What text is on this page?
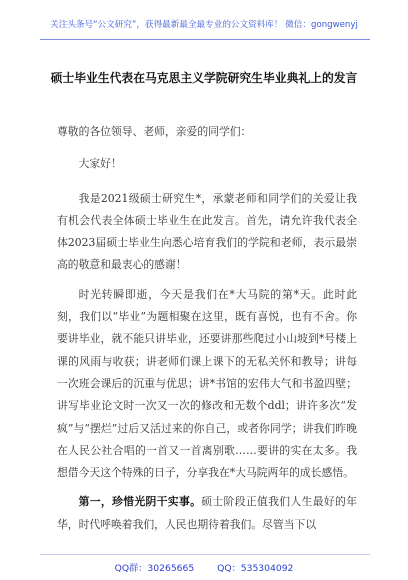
关注头条号“公文研究”，获得最新最全最专业的公文资料库！ 微信：gongwenyj
硕士毕业生代表在马克思主义学院研究生毕业典礼上的发言

尊敬的各位领导、老师，亲爱的同学们：

大家好！

我是2021级硕士研究生*，承蒙老师和同学们的关爱让我有机会代表全体硕士毕业生在此发言。首先，请允许我代表全体2023届硕士毕业生向悉心培育我们的学院和老师，表示最崇高的敬意和最衷心的感谢！

时光转瞬即逝，今天是我们在*大马院的第*天。此时此刻，我们以“毕业”为题相聚在这里，既有喜悦，也有不舍。你要讲毕业，就不能只讲毕业，还要讲那些爬过小山坡到*号楼上课的风雨与收获；讲老师们课上课下的无私关怀和教导；讲每一次班会课后的沉重与优思；讲*书馆的宏伟大气和书盈四壁；讲写毕业论文时一次又一次的修改和无数个ddl；讲许多次“发疯”与“摆烂”过后又活过来的你自己，或者你同学；讲我们昨晚在人民公社合唱的一首又一首离别歌……要讲的实在太多。我想借今天这个特殊的日子，分享我在*大马院两年的成长感悟。

第一，珍惜光阴干实事。硕士阶段正值我们人生最好的年华，时代呼唤着我们，人民也期待着我们。尽管当下以

QQ群：30265665 QQ：535304092
